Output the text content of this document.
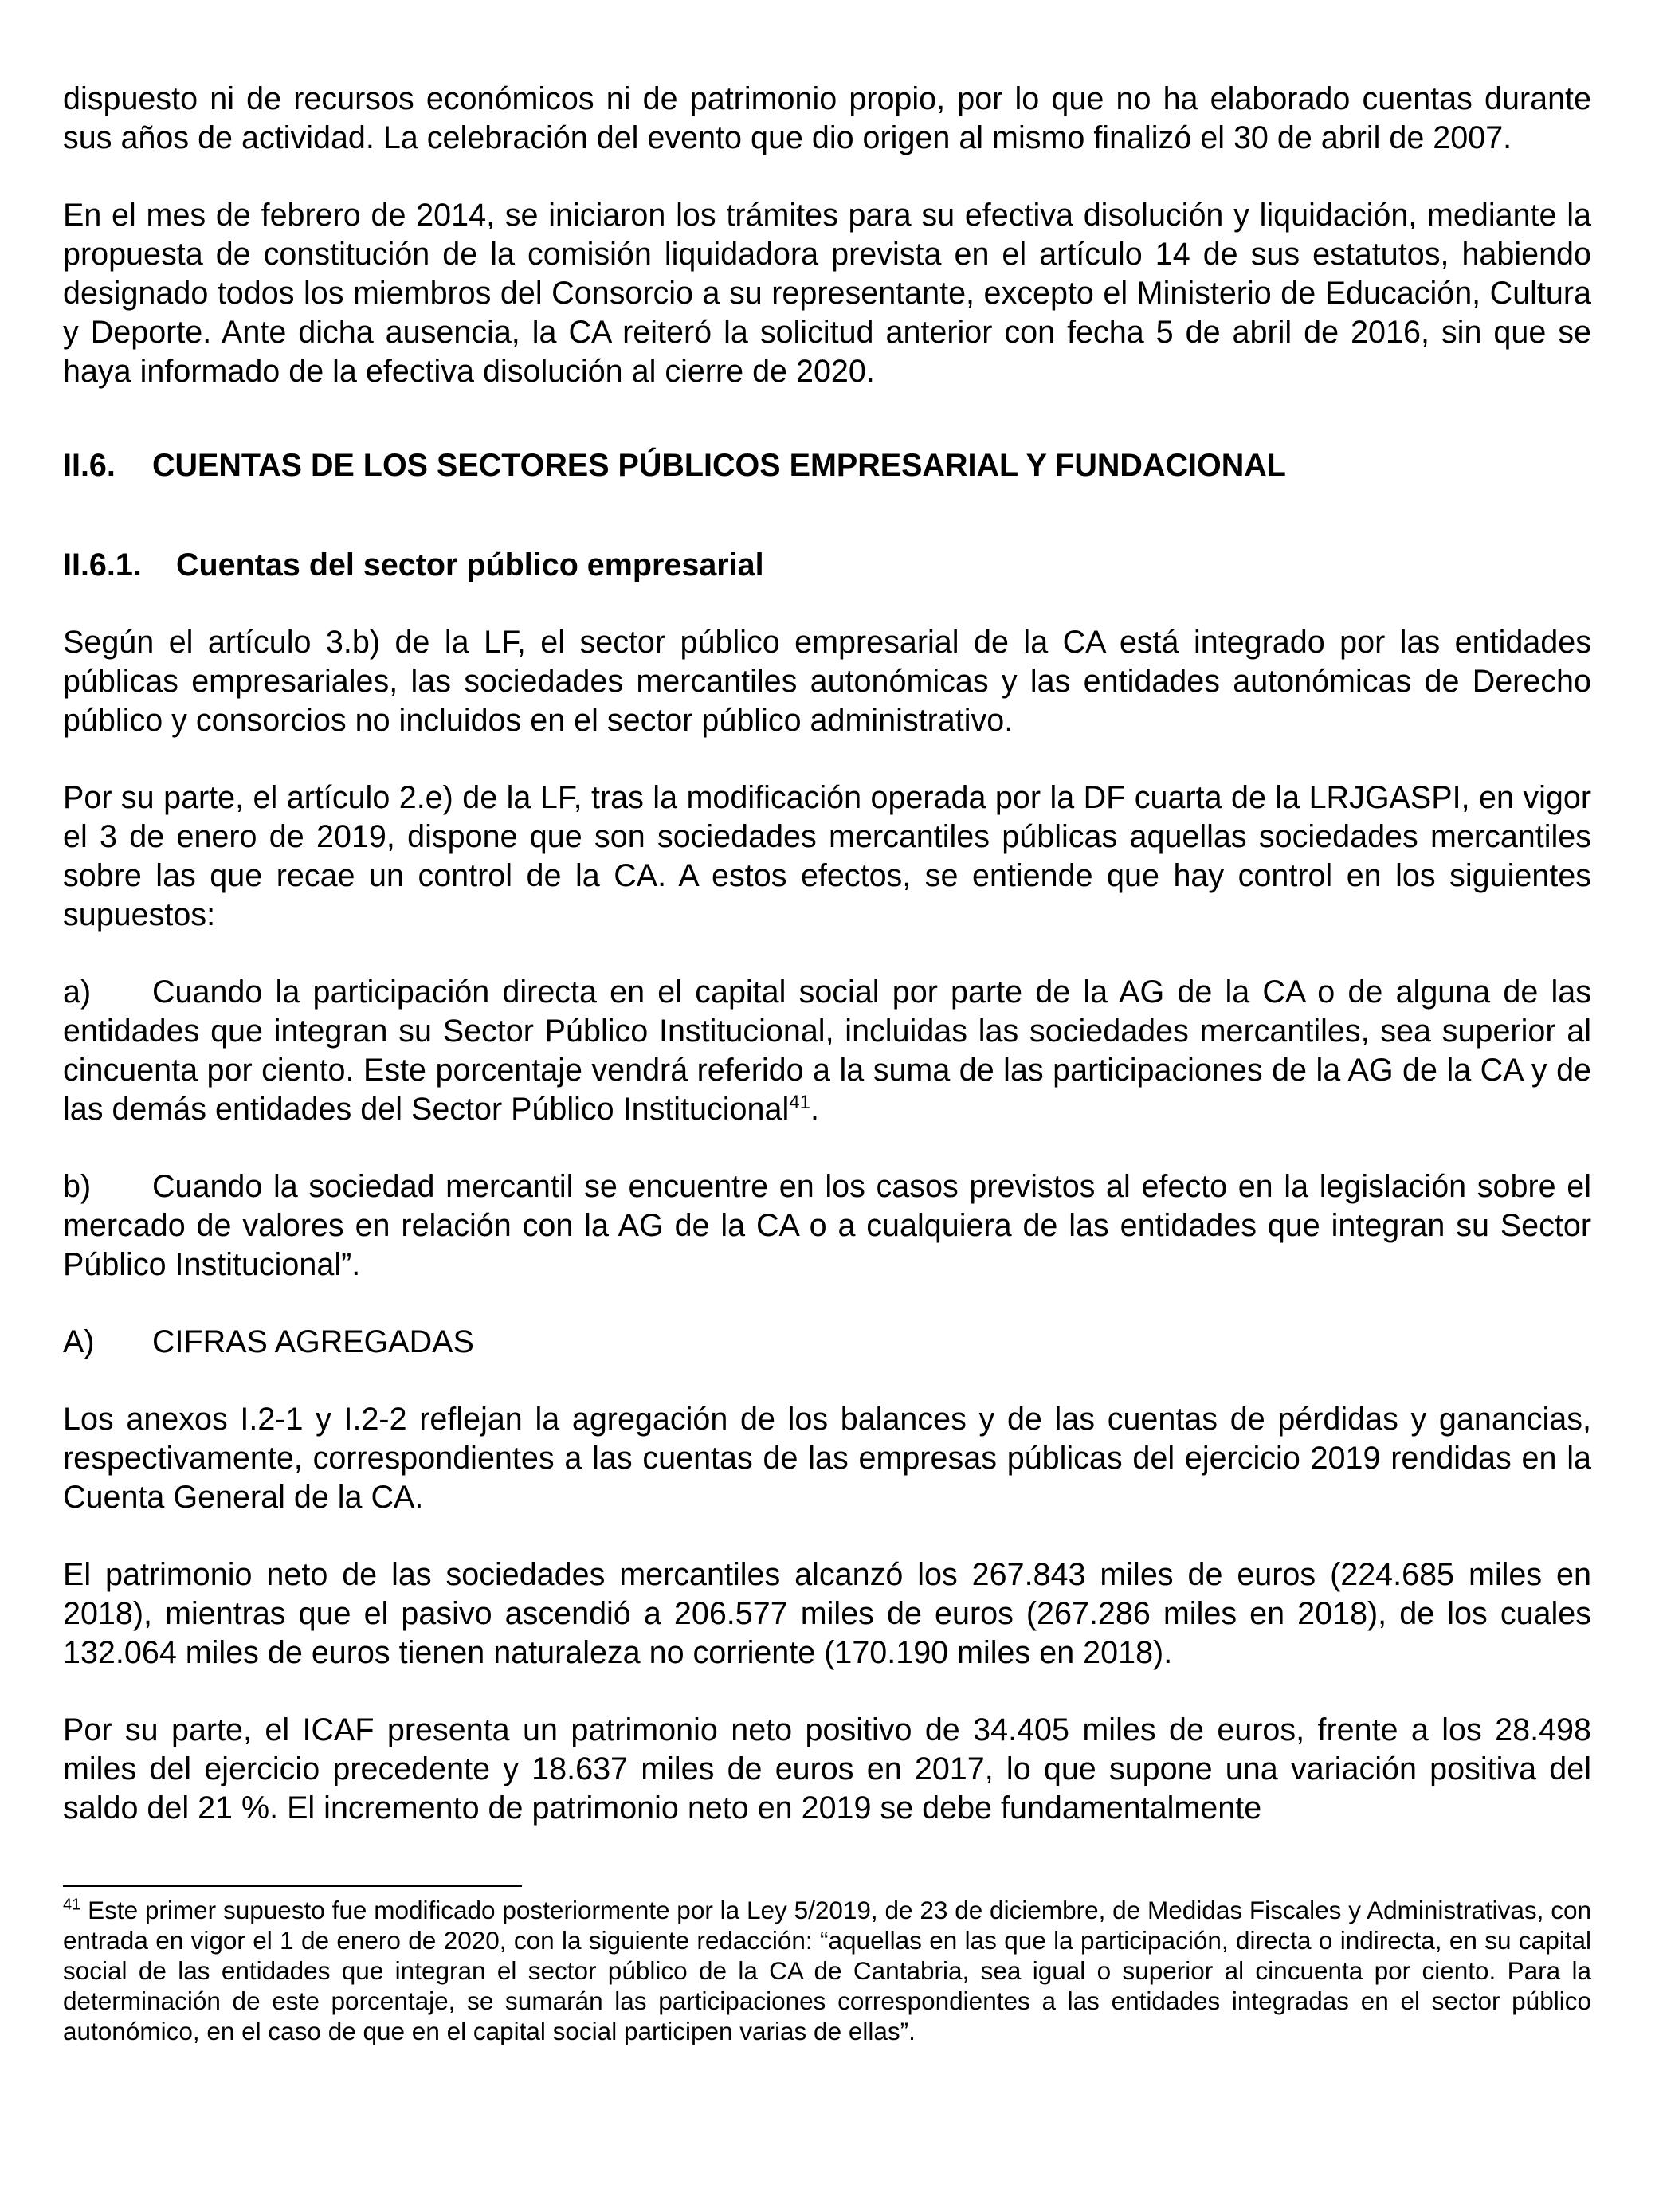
dispuesto ni de recursos económicos ni de patrimonio propio, por lo que no ha elaborado cuentas durante sus años de actividad. La celebración del evento que dio origen al mismo finalizó el 30 de abril de 2007.

En el mes de febrero de 2014, se iniciaron los trámites para su efectiva disolución y liquidación, mediante la propuesta de constitución de la comisión liquidadora prevista en el artículo 14 de sus estatutos, habiendo designado todos los miembros del Consorcio a su representante, excepto el Ministerio de Educación, Cultura y Deporte. Ante dicha ausencia, la CA reiteró la solicitud anterior con fecha 5 de abril de 2016, sin que se haya informado de la efectiva disolución al cierre de 2020.

II.6. CUENTAS DE LOS SECTORES PÚBLICOS EMPRESARIAL Y FUNDACIONAL
II.6.1. Cuentas del sector público empresarial

Según el artículo 3.b) de la LF, el sector público empresarial de la CA está integrado por las entidades públicas empresariales, las sociedades mercantiles autonómicas y las entidades autonómicas de Derecho público y consorcios no incluidos en el sector público administrativo.

Por su parte, el artículo 2.e) de la LF, tras la modificación operada por la DF cuarta de la LRJGASPI, en vigor el 3 de enero de 2019, dispone que son sociedades mercantiles públicas aquellas sociedades mercantiles sobre las que recae un control de la CA. A estos efectos, se entiende que hay control en los siguientes supuestos:

a) Cuando la participación directa en el capital social por parte de la AG de la CA o de alguna de las entidades que integran su Sector Público Institucional, incluidas las sociedades mercantiles, sea superior al cincuenta por ciento. Este porcentaje vendrá referido a la suma de las participaciones de la AG de la CA y de las demás entidades del Sector Público Institucional$^{41}$.

b) Cuando la sociedad mercantil se encuentre en los casos previstos al efecto en la legislación sobre el mercado de valores en relación con la AG de la CA o a cualquiera de las entidades que integran su Sector Público Institucional”.

A) CIFRAS AGREGADAS

Los anexos I.2-1 y I.2-2 reflejan la agregación de los balances y de las cuentas de pérdidas y ganancias, respectivamente, correspondientes a las cuentas de las empresas públicas del ejercicio 2019 rendidas en la Cuenta General de la CA.

El patrimonio neto de las sociedades mercantiles alcanzó los 267.843 miles de euros (224.685 miles en 2018), mientras que el pasivo ascendió a 206.577 miles de euros (267.286 miles en 2018), de los cuales 132.064 miles de euros tienen naturaleza no corriente (170.190 miles en 2018).

Por su parte, el ICAF presenta un patrimonio neto positivo de 34.405 miles de euros, frente a los 28.498 miles del ejercicio precedente y 18.637 miles de euros en 2017, lo que supone una variación positiva del saldo del 21 %. El incremento de patrimonio neto en 2019 se debe fundamentalmente

$^{41}$ Este primer supuesto fue modificado posteriormente por la Ley 5/2019, de 23 de diciembre, de Medidas Fiscales y Administrativas, con entrada en vigor el 1 de enero de 2020, con la siguiente redacción: “aquellas en las que la participación, directa o indirecta, en su capital social de las entidades que integran el sector público de la CA de Cantabria, sea igual o superior al cincuenta por ciento. Para la determinación de este porcentaje, se sumarán las participaciones correspondientes a las entidades integradas en el sector público autonómico, en el caso de que en el capital social participen varias de ellas”.
